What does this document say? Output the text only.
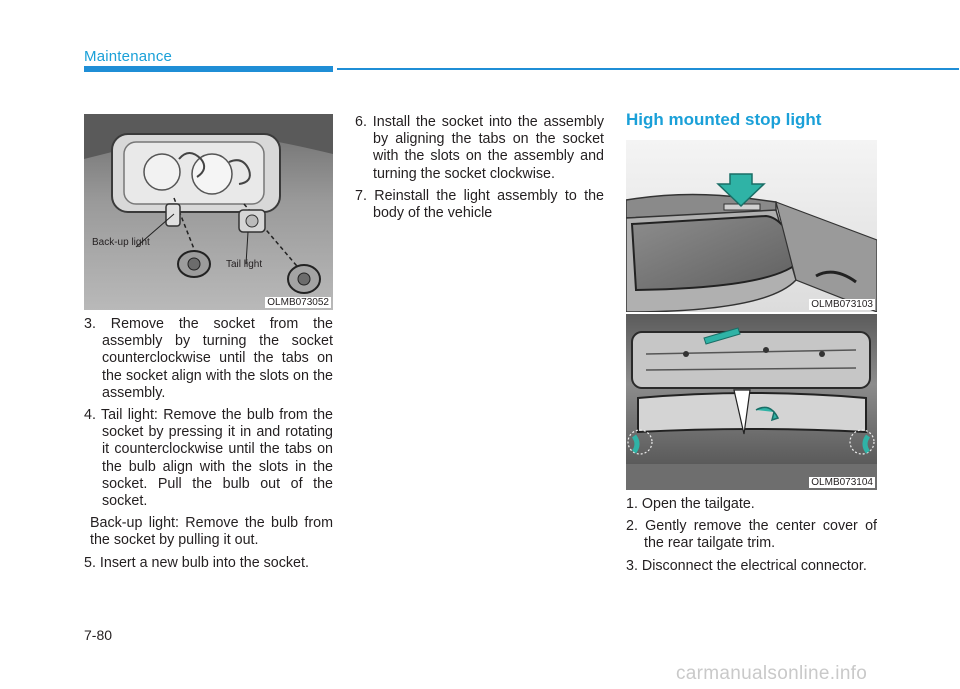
Maintenance
Back-up light
Tail light
OLMB073052

3. Remove the socket from the assembly by turning the socket counterclockwise until the tabs on the socket align with the slots on the assembly.

4. Tail light: Remove the bulb from the socket by pressing it in and rotating it counterclockwise until the tabs on the bulb align with the slots in the socket. Pull the bulb out of the socket.

Back-up light: Remove the bulb from the socket by pulling it out.

5. Insert a new bulb into the socket.

6. Install the socket into the assembly by aligning the tabs on the socket with the slots on the assembly and turning the socket clockwise.

7. Reinstall the light assembly to the body of the vehicle

High mounted stop light
OLMB073103
OLMB073104

1. Open the tailgate.

2. Gently remove the center cover of the rear tailgate trim.

3. Disconnect the electrical connector.

7-80
carmanualsonline.info
